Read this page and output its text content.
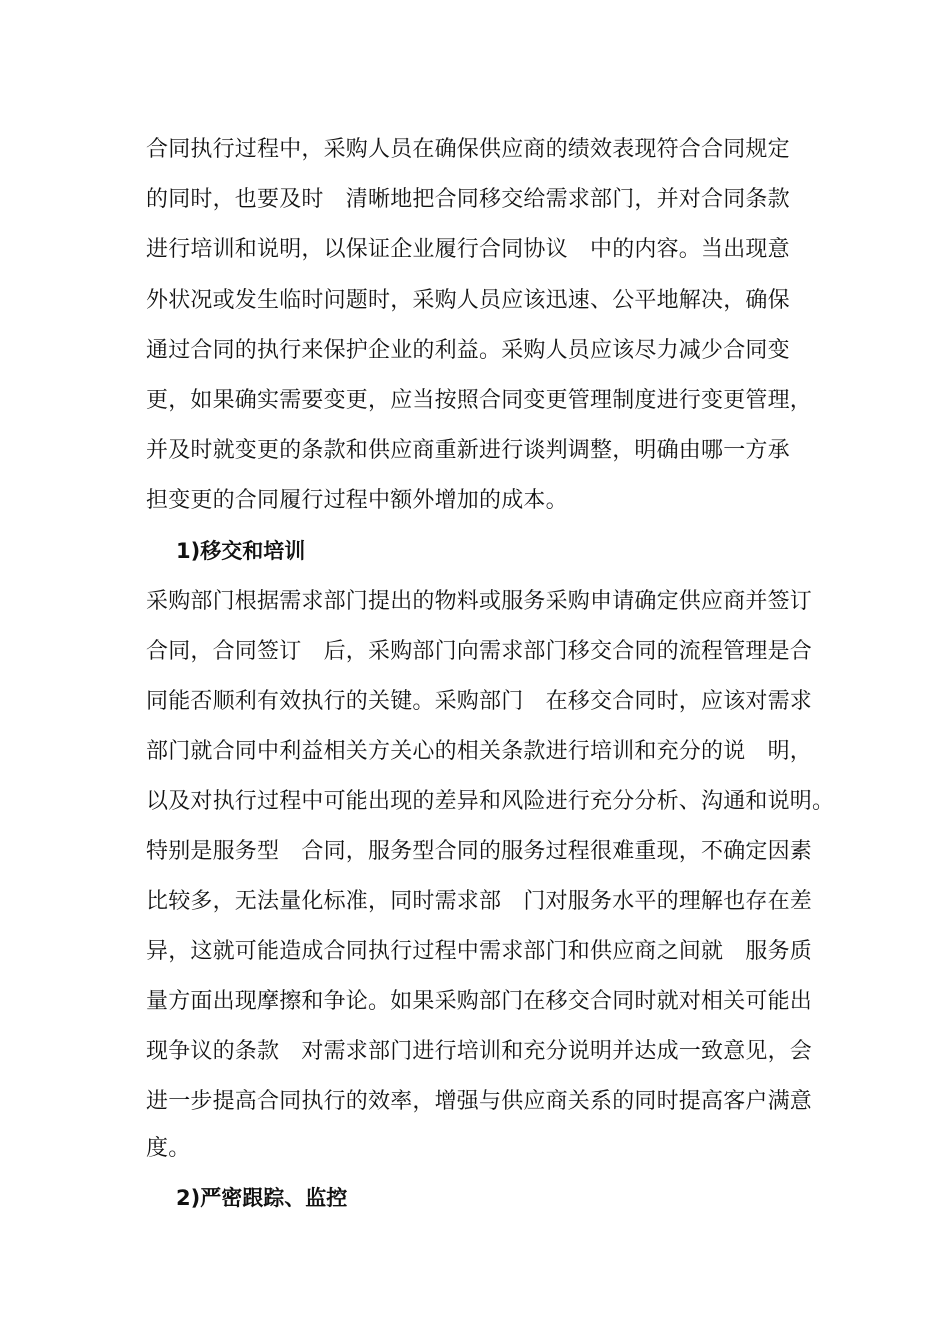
合同执行过程中，采购人员在确保供应商的绩效表现符合合同规定
的同时，也要及时　清晰地把合同移交给需求部门，并对合同条款
进行培训和说明，以保证企业履行合同协议　中的内容。当出现意
外状况或发生临时问题时，采购人员应该迅速、公平地解决，确保
通过合同的执行来保护企业的利益。采购人员应该尽力减少合同变
更，如果确实需要变更，应当按照合同变更管理制度进行变更管理，
并及时就变更的条款和供应商重新进行谈判调整，明确由哪一方承
担变更的合同履行过程中额外增加的成本。
1)移交和培训
采购部门根据需求部门提出的物料或服务采购申请确定供应商并签订
合同，合同签订　后，采购部门向需求部门移交合同的流程管理是合
同能否顺利有效执行的关键。采购部门　在移交合同时，应该对需求
部门就合同中利益相关方关心的相关条款进行培训和充分的说　明，
以及对执行过程中可能出现的差异和风险进行充分分析、沟通和说明。
特别是服务型　合同，服务型合同的服务过程很难重现，不确定因素
比较多，无法量化标准，同时需求部　门对服务水平的理解也存在差
异，这就可能造成合同执行过程中需求部门和供应商之间就　服务质
量方面出现摩擦和争论。如果采购部门在移交合同时就对相关可能出
现争议的条款　对需求部门进行培训和充分说明并达成一致意见，会
进一步提高合同执行的效率，增强与供应商关系的同时提高客户满意
度。
2)严密跟踪、监控
